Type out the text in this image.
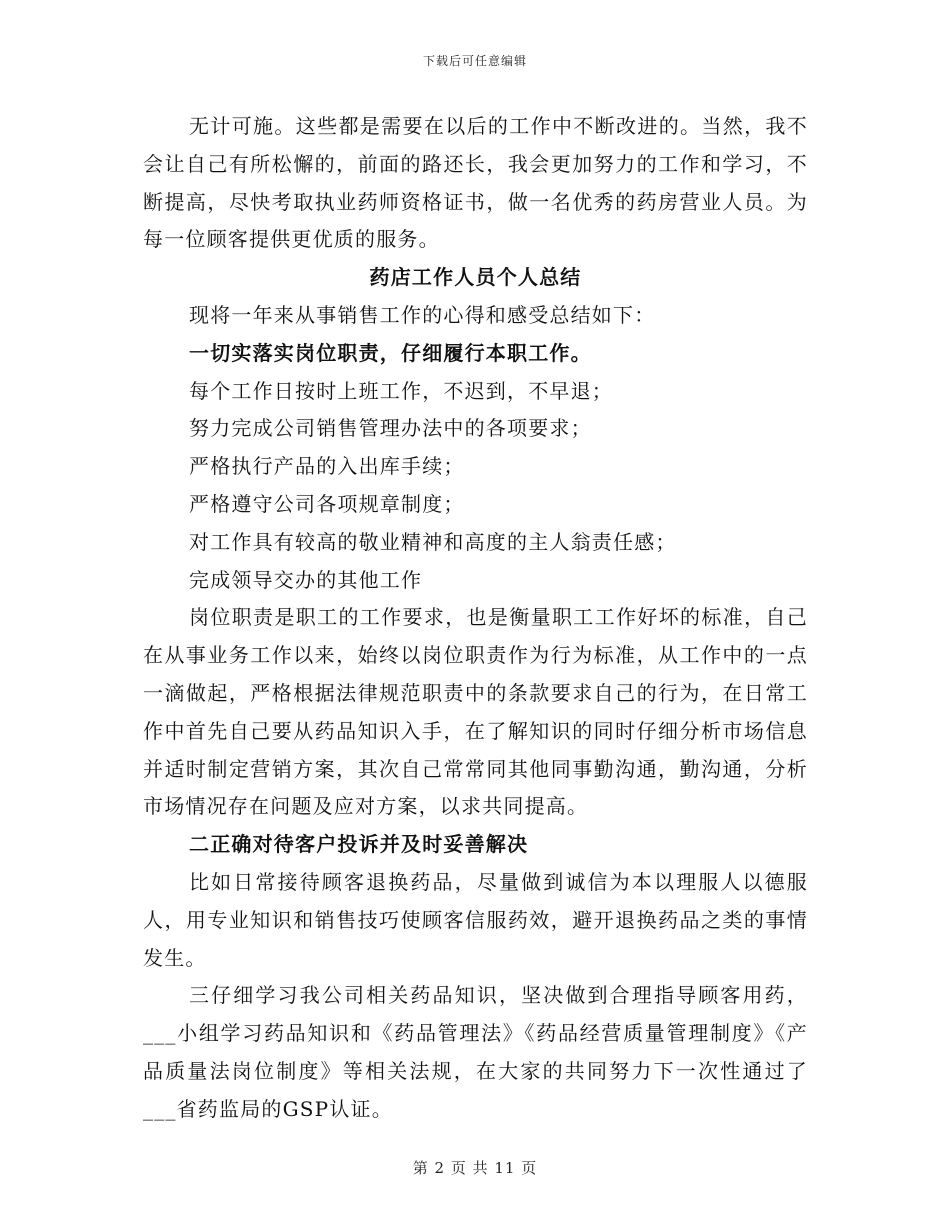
下载后可任意编辑

无计可施。这些都是需要在以后的工作中不断改进的。当然，我不会让自己有所松懈的，前面的路还长，我会更加努力的工作和学习，不断提高，尽快考取执业药师资格证书，做一名优秀的药房营业人员。为每一位顾客提供更优质的服务。

药店工作人员个人总结

现将一年来从事销售工作的心得和感受总结如下：

一切实落实岗位职责，仔细履行本职工作。

每个工作日按时上班工作，不迟到，不早退；

努力完成公司销售管理办法中的各项要求；

严格执行产品的入出库手续；

严格遵守公司各项规章制度；

对工作具有较高的敬业精神和高度的主人翁责任感；

完成领导交办的其他工作

岗位职责是职工的工作要求，也是衡量职工工作好坏的标准，自己在从事业务工作以来，始终以岗位职责作为行为标准，从工作中的一点一滴做起，严格根据法律规范职责中的条款要求自己的行为，在日常工作中首先自己要从药品知识入手，在了解知识的同时仔细分析市场信息并适时制定营销方案，其次自己常常同其他同事勤沟通，勤沟通，分析市场情况存在问题及应对方案，以求共同提高。

二正确对待客户投诉并及时妥善解决

比如日常接待顾客退换药品，尽量做到诚信为本以理服人以德服人，用专业知识和销售技巧使顾客信服药效，避开退换药品之类的事情发生。

三仔细学习我公司相关药品知识，坚决做到合理指导顾客用药，___小组学习药品知识和《药品管理法》《药品经营质量管理制度》《产品质量法岗位制度》等相关法规，在大家的共同努力下一次性通过了___省药监局的GSP认证。

第 2 页 共 11 页
